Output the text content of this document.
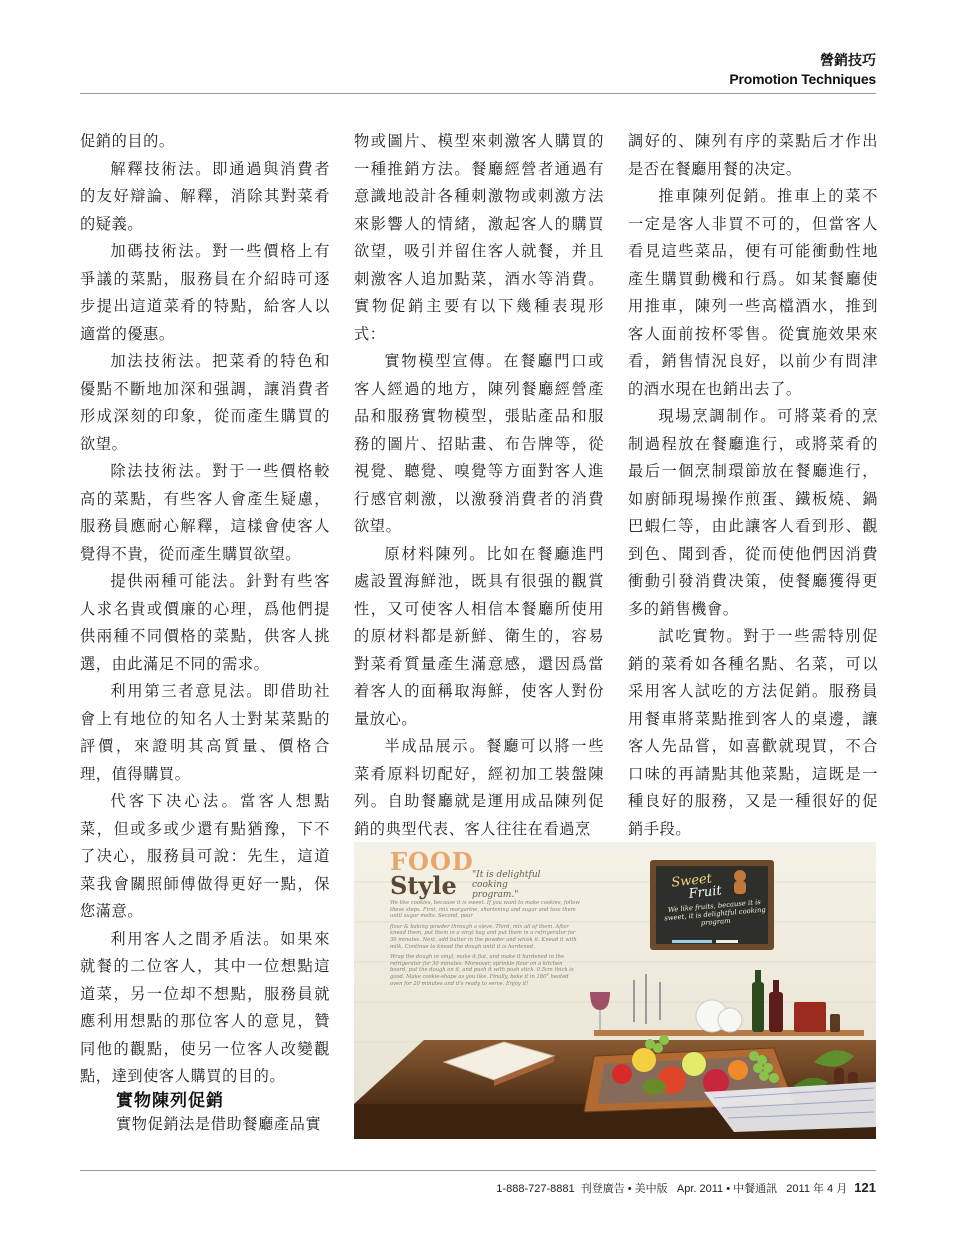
營銷技巧
Promotion Techniques

促銷的目的。

解釋技術法。即通過與消費者的友好辯論、解釋，消除其對菜肴的疑義。

加碼技術法。對一些價格上有爭議的菜點，服務員在介紹時可逐步提出這道菜肴的特點，給客人以適當的優惠。

加法技術法。把菜肴的特色和優點不斷地加深和强調，讓消費者形成深刻的印象，從而產生購買的欲望。

除法技術法。對于一些價格較高的菜點，有些客人會產生疑慮，服務員應耐心解釋，這樣會使客人覺得不貴，從而產生購買欲望。

提供兩種可能法。針對有些客人求名貴或價廉的心理，爲他們提供兩種不同價格的菜點，供客人挑選，由此滿足不同的需求。

利用第三者意見法。即借助社會上有地位的知名人士對某菜點的評價，來證明其高質量、價格合理，值得購買。

代客下决心法。當客人想點菜，但或多或少還有點猶豫，下不了决心，服務員可說：先生，這道菜我會關照師傅做得更好一點，保您滿意。

利用客人之間矛盾法。如果來就餐的二位客人，其中一位想點這道菜，另一位却不想點，服務員就應利用想點的那位客人的意見，贊同他的觀點，使另一位客人改變觀點，達到使客人購買的目的。

實物陳列促銷
實物促銷法是借助餐廳產品實

物或圖片、模型來刺激客人購買的一種推銷方法。餐廳經營者通過有意識地設計各種刺激物或刺激方法來影響人的情緒，激起客人的購買欲望，吸引并留住客人就餐，并且刺激客人追加點菜，酒水等消費。實物促銷主要有以下幾種表現形式：

實物模型宣傳。在餐廳門口或客人經過的地方，陳列餐廳經營產品和服務實物模型，張貼產品和服務的圖片、招貼畫、布告牌等，從視覺、聽覺、嗅覺等方面對客人進行感官刺激，以激發消費者的消費欲望。

原材料陳列。比如在餐廳進門處設置海鮮池，既具有很强的觀賞性，又可使客人相信本餐廳所使用的原材料都是新鮮、衛生的，容易對菜肴質量產生滿意感，還因爲當着客人的面稱取海鮮，使客人對份量放心。

半成品展示。餐廳可以將一些菜肴原料切配好，經初加工裝盤陳列。自助餐廳就是運用成品陳列促銷的典型代表、客人往往在看過烹

調好的、陳列有序的菜點后才作出是否在餐廳用餐的决定。

推車陳列促銷。推車上的菜不一定是客人非買不可的，但當客人看見這些菜品，便有可能衝動性地產生購買動機和行爲。如某餐廳使用推車，陳列一些高檔酒水，推到客人面前按杯零售。從實施效果來看，銷售情況良好，以前少有問津的酒水現在也銷出去了。

現場烹調制作。可將菜肴的烹制過程放在餐廳進行，或將菜肴的最后一個烹制環節放在餐廳進行，如廚師現場操作煎蛋、鐵板燒、鍋巴蝦仁等，由此讓客人看到形、觀到色、聞到香，從而使他們因消費衝動引發消費决策，使餐廳獲得更多的銷售機會。

試吃實物。對于一些需特別促銷的菜肴如各種名點、名菜，可以采用客人試吃的方法促銷。服務員用餐車將菜點推到客人的桌邊，讓客人先品嘗，如喜歡就現買，不合口味的再請點其他菜點，這既是一種良好的服務，又是一種很好的促銷手段。

FOOD
Style	"It is delightful cooking program."
We like cookies, because it is sweet. If you want to make cookies, follow these steps. First, mix margarine, shortening and sugar and toss them until sugar melts. Second, pour
flour & baking powder through a sieve. Third, mix all of them. After knead them, put them in a vinyl bag and put them in a refrigerator for 30 minutes. Next, add butter in the powder and whisk it. Knead it with milk. Continue to knead the dough until it is hardened.
Wrap the dough in vinyl, make it flat, and make it hardened in the refrigerator for 30 minutes. Moreover, sprinkle flour on a kitchen board, put the dough on it, and push it with push stick. 0.5cm thick is good. Make cookie-shape as you like. Finally, bake it in 180° heated oven for 20 minutes and it's ready to serve. Enjoy it!
Sweet
Fruit
We like fruits, because it is sweet, it is delightful cooking program
1-888-727-8881 刊登廣告 • 美中版 Apr. 2011 • 中餐通訊 2011 年 4 月 121
